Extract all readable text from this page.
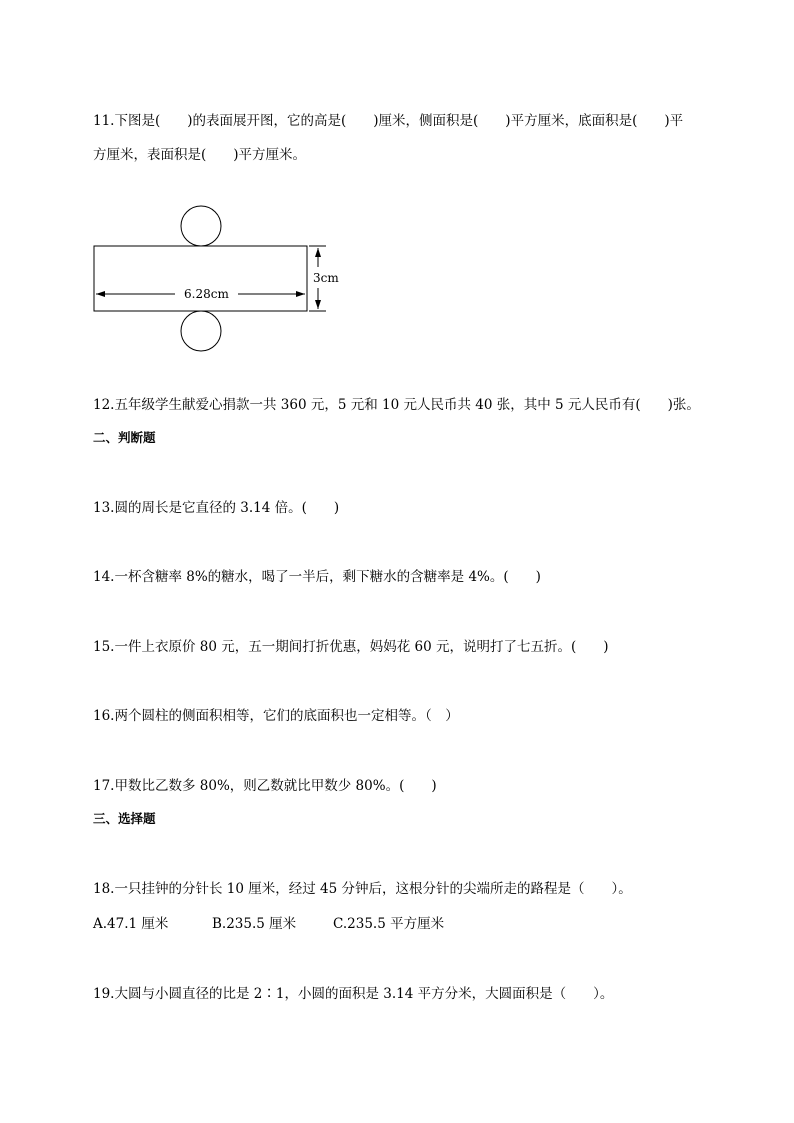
11.下图是(　　)的表面展开图，它的高是(　　)厘米，侧面积是(　　)平方厘米，底面积是(　　)平
方厘米，表面积是(　　)平方厘米。
6.28cm
3cm
12.五年级学生献爱心捐款一共 360 元，5 元和 10 元人民币共 40 张，其中 5 元人民币有(　　)张。
二、判断题
13.圆的周长是它直径的 3.14 倍。(　　)
14.一杯含糖率 8%的糖水，喝了一半后，剩下糖水的含糖率是 4%。(　　)
15.一件上衣原价 80 元，五一期间打折优惠，妈妈花 60 元，说明打了七五折。(　　)
16.两个圆柱的侧面积相等，它们的底面积也一定相等。（　）
17.甲数比乙数多 80%，则乙数就比甲数少 80%。(　　)
三、选择题
18.一只挂钟的分针长 10 厘米，经过 45 分钟后，这根分针的尖端所走的路程是（　　）。
A.47.1 厘米	B.235.5 厘米	C.235.5 平方厘米
19.大圆与小圆直径的比是 2∶1，小圆的面积是 3.14 平方分米，大圆面积是（　　）。
